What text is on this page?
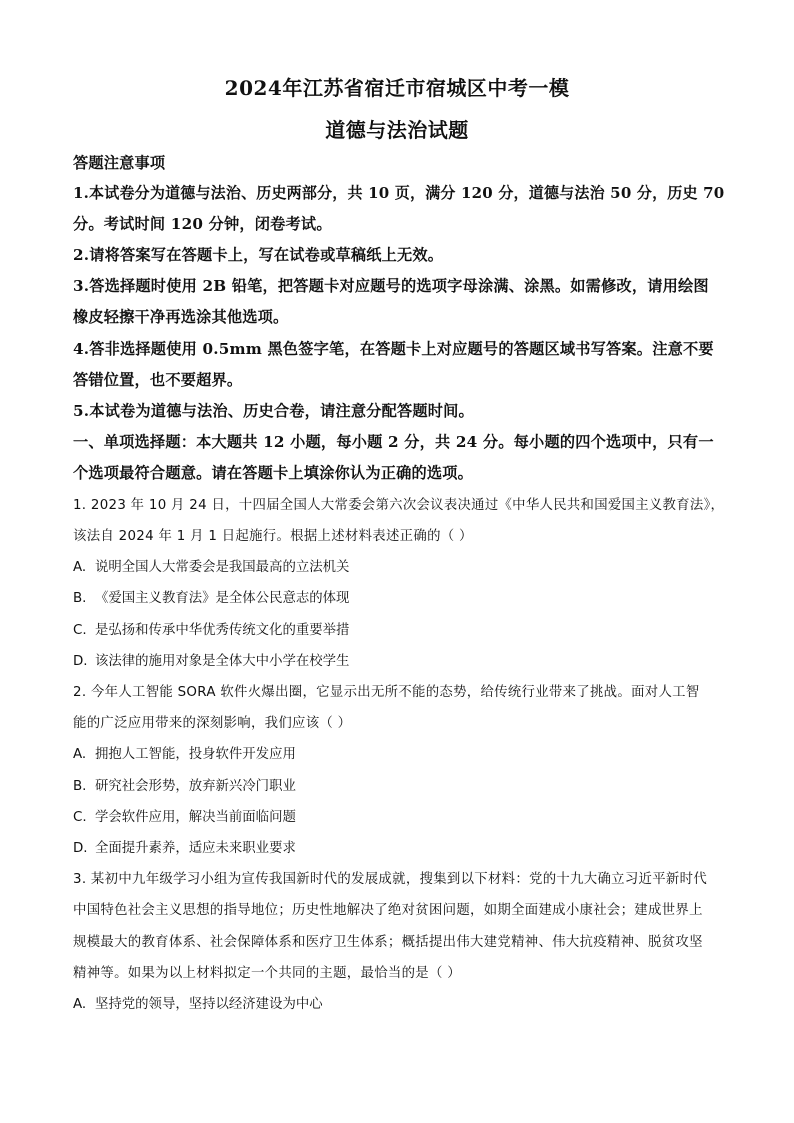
2024年江苏省宿迁市宿城区中考一模
道德与法治试题
答题注意事项
1.本试卷分为道德与法治、历史两部分，共 10 页，满分 120 分，道德与法治 50 分，历史 70
分。考试时间 120 分钟，闭卷考试。
2.请将答案写在答题卡上，写在试卷或草稿纸上无效。
3.答选择题时使用 2B 铅笔，把答题卡对应题号的选项字母涂满、涂黑。如需修改，请用绘图
橡皮轻擦干净再选涂其他选项。
4.答非选择题使用 0.5mm 黑色签字笔，在答题卡上对应题号的答题区域书写答案。注意不要
答错位置，也不要超界。
5.本试卷为道德与法治、历史合卷，请注意分配答题时间。
一、单项选择题：本大题共 12 小题，每小题 2 分，共 24 分。每小题的四个选项中，只有一
个选项最符合题意。请在答题卡上填涂你认为正确的选项。
1. 2023 年 10 月 24 日，十四届全国人大常委会第六次会议表决通过《中华人民共和国爱国主义教育法》，
该法自 2024 年 1 月 1 日起施行。根据上述材料表述正确的（ ）
A. 说明全国人大常委会是我国最高的立法机关
B. 《爱国主义教育法》是全体公民意志的体现
C. 是弘扬和传承中华优秀传统文化的重要举措
D. 该法律的施用对象是全体大中小学在校学生
2. 今年人工智能 SORA 软件火爆出圈，它显示出无所不能的态势，给传统行业带来了挑战。面对人工智
能的广泛应用带来的深刻影响，我们应该（ ）
A. 拥抱人工智能，投身软件开发应用
B. 研究社会形势，放弃新兴冷门职业
C. 学会软件应用，解决当前面临问题
D. 全面提升素养，适应未来职业要求
3. 某初中九年级学习小组为宣传我国新时代的发展成就，搜集到以下材料：党的十九大确立习近平新时代
中国特色社会主义思想的指导地位；历史性地解决了绝对贫困问题，如期全面建成小康社会；建成世界上
规模最大的教育体系、社会保障体系和医疗卫生体系；概括提出伟大建党精神、伟大抗疫精神、脱贫攻坚
精神等。如果为以上材料拟定一个共同的主题，最恰当的是（ ）
A. 坚持党的领导，坚持以经济建设为中心
